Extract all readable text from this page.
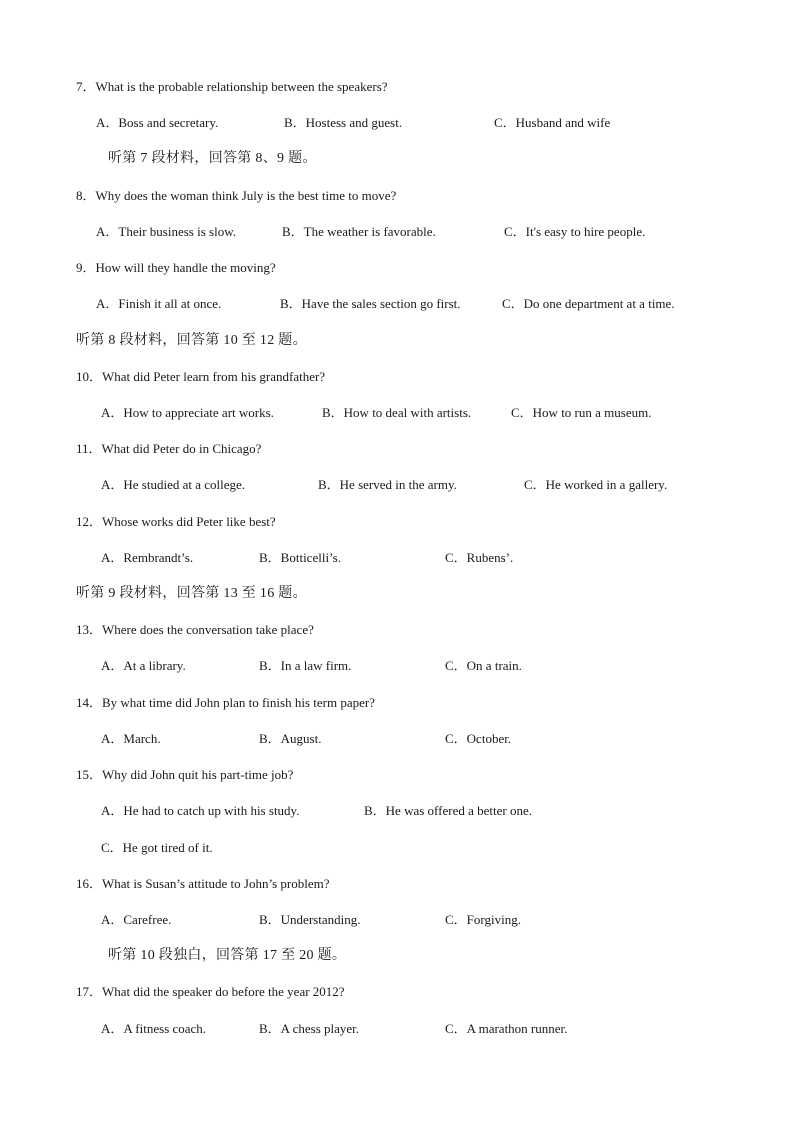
7．What is the probable relationship between the speakers?
A．Boss and secretary.	B．Hostess and guest.	C．Husband and wife
听第 7 段材料，回答第 8、9 题。
8．Why does the woman think July is the best time to move?
A．Their business is slow.	B．The weather is favorable.	C．It's easy to hire people.
9．How will they handle the moving?
A．Finish it all at once.	B．Have the sales section go first.	C．Do one department at a time.
听第 8 段材料，回答第 10 至 12 题。
10．What did Peter learn from his grandfather?
A．How to appreciate art works.	B．How to deal with artists.	C．How to run a museum.
11．What did Peter do in Chicago?
A．He studied at a college.	B．He served in the army.	C．He worked in a gallery.
12．Whose works did Peter like best?
A．Rembrandt’s.	B．Botticelli’s.	C．Rubens’.
听第 9 段材料，回答第 13 至 16 题。
13．Where does the conversation take place?
A．At a library.	B．In a law firm.	C．On a train.
14．By what time did John plan to finish his term paper?
A．March.	B．August.	C．October.
15．Why did John quit his part-time job?
A．He had to catch up with his study.	B．He was offered a better one.
C．He got tired of it.
16．What is Susan’s attitude to John’s problem?
A．Carefree.	B．Understanding.	C．Forgiving.
听第 10 段独白，回答第 17 至 20 题。
17．What did the speaker do before the year 2012?
A．A fitness coach.	B．A chess player.	C．A marathon runner.
